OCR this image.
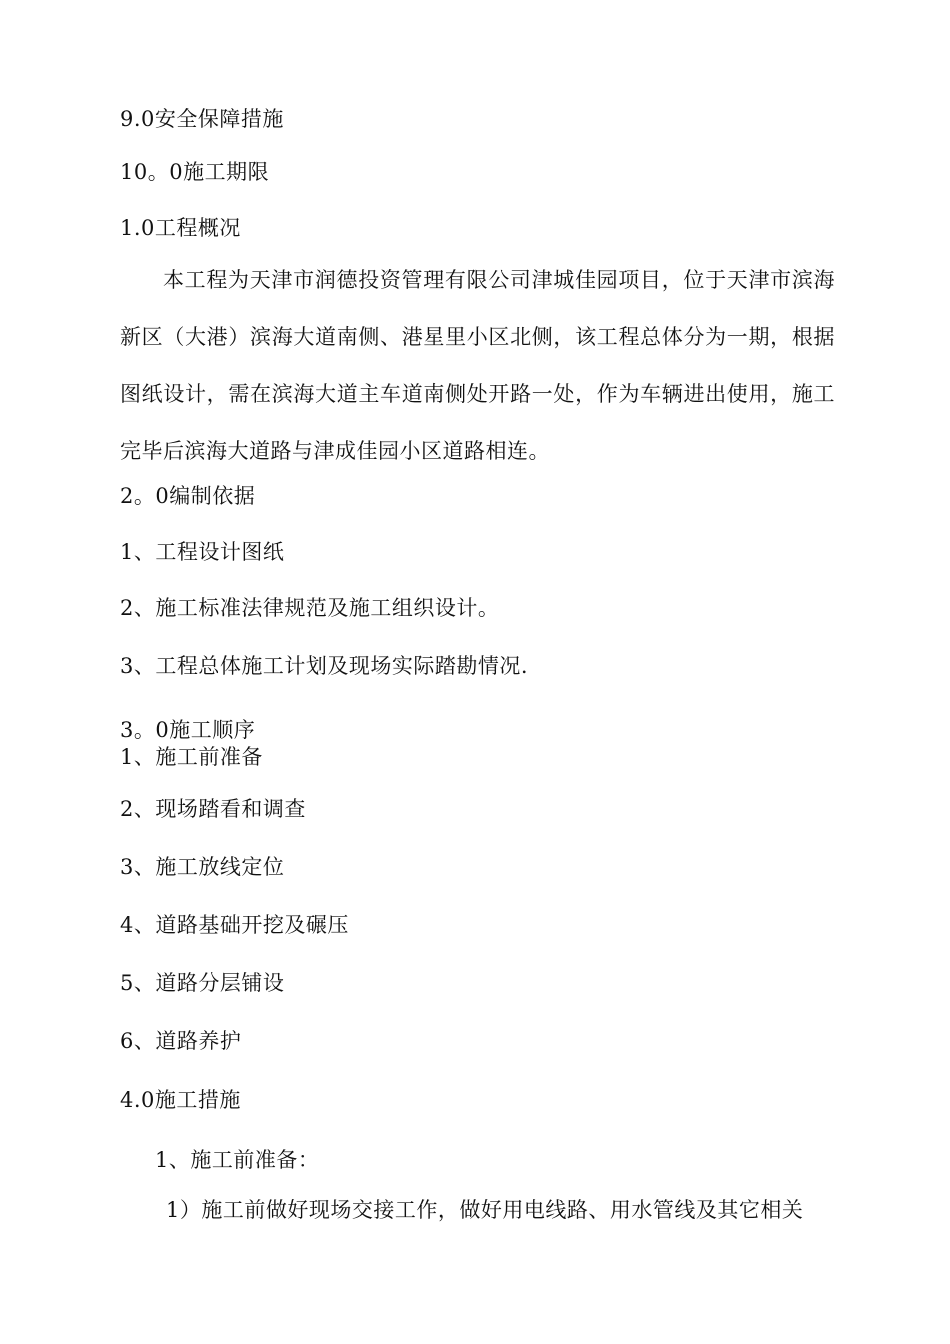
9.0安全保障措施
10。0施工期限
1.0工程概况
本工程为天津市润德投资管理有限公司津城佳园项目，位于天津市滨海新区（大港）滨海大道南侧、港星里小区北侧，该工程总体分为一期，根据图纸设计，需在滨海大道主车道南侧处开路一处，作为车辆进出使用，施工完毕后滨海大道路与津成佳园小区道路相连。
2。0编制依据
1、工程设计图纸
2、施工标准法律规范及施工组织设计。
3、工程总体施工计划及现场实际踏勘情况.
3。0施工顺序
1、施工前准备
2、现场踏看和调查
3、施工放线定位
4、道路基础开挖及碾压
5、道路分层铺设
6、道路养护
4.0施工措施
1、施工前准备：
1）施工前做好现场交接工作，做好用电线路、用水管线及其它相关
